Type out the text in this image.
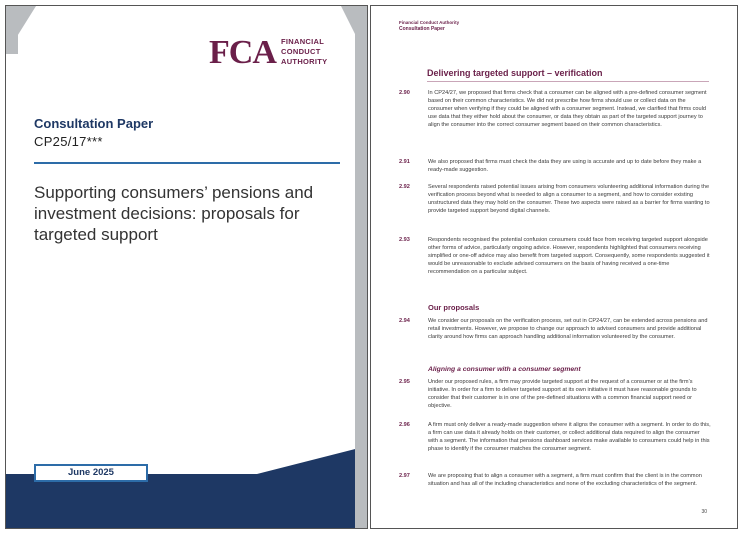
FCA FINANCIAL
CONDUCT
AUTHORITY
Consultation Paper
CP25/17***
Supporting consumers’ pensions and investment decisions: proposals for targeted support
June 2025
Financial Conduct Authority
Consultation Paper
Delivering targeted support – verification
2.90	In CP24/27, we proposed that firms check that a consumer can be aligned with a pre-defined consumer segment based on their common characteristics. We did not prescribe how firms should use or collect data on the consumer when verifying if they could be aligned with a consumer segment. Instead, we clarified that firms could use data that they either hold about the consumer, or data they obtain as part of the targeted support journey to align the consumer into the correct consumer segment based on their common characteristics.
2.91	We also proposed that firms must check the data they are using is accurate and up to date before they make a ready-made suggestion.
2.92	Several respondents raised potential issues arising from consumers volunteering additional information during the verification process beyond what is needed to align a consumer to a segment, and how to consider existing unstructured data they may hold on the consumer. These two aspects were raised as a barrier for firms wanting to provide targeted support beyond digital channels.
2.93	Respondents recognised the potential confusion consumers could face from receiving targeted support alongside other forms of advice, particularly ongoing advice. However, respondents highlighted that consumers receiving simplified or one-off advice may also benefit from targeted support. Consequently, some respondents suggested it would be unreasonable to exclude advised consumers on the basis of having received a one-time recommendation on a particular subject.
Our proposals
2.94	We consider our proposals on the verification process, set out in CP24/27, can be extended across pensions and retail investments. However, we propose to change our approach to advised consumers and provide additional clarity around how firms can approach handling additional information volunteered by the consumer.
Aligning a consumer with a consumer segment
2.95	Under our proposed rules, a firm may provide targeted support at the request of a consumer or at the firm’s initiative. In order for a firm to deliver targeted support at its own initiative it must have reasonable grounds to consider that their customer is in one of the pre-defined situations with a common financial support need or objective.
2.96	A firm must only deliver a ready-made suggestion where it aligns the consumer with a segment. In order to do this, a firm can use data it already holds on their customer, or collect additional data required to align the consumer with a segment. The information that pensions dashboard services make available to consumers could help in this phase to identify if the consumer matches the consumer segment.
2.97	We are proposing that to align a consumer with a segment, a firm must confirm that the client is in the common situation and has all of the including characteristics and none of the excluding characteristics of the segment.
30
